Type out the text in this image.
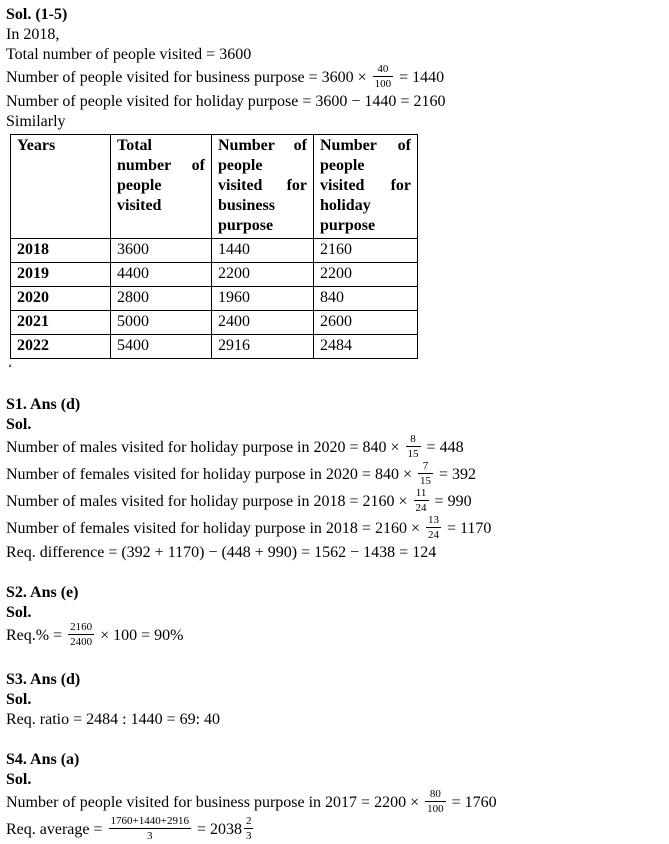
Sol. (1-5)
In 2018,
Total number of people visited = 3600
Number of people visited for business purpose = $3600 \times \frac{40}{100} = 1440$
Number of people visited for holiday purpose = 3600 − 1440 = 2160
Similarly
Years	Total number of people visited	Number of people visited for business purpose	Number of people visited for holiday purpose
2018	3600	1440	2160
2019	4400	2200	2200
2020	2800	1960	840
2021	5000	2400	2600
2022	5400	2916	2484
‘
S1. Ans (d)
Sol.
Number of males visited for holiday purpose in $2020 = 840 \times \frac{8}{15} = 448$
Number of females visited for holiday purpose in $2020 = 840 \times \frac{7}{15} = 392$
Number of males visited for holiday purpose in $2018 = 2160 \times \frac{11}{24} = 990$
Number of females visited for holiday purpose in $2018 = 2160 \times \frac{13}{24} = 1170$
Req. difference = (392 + 1170) − (448 + 990) = 1562 − 1438 = 124
S2. Ans (e)
Sol.
$Req.\% = \frac{2160}{2400} \times 100 = 90\%$
S3. Ans (d)
Sol.
Req. ratio = 2484 : 1440 = 69: 40
S4. Ans (a)
Sol.
Number of people visited for business purpose in $2017 = 2200 \times \frac{80}{100} = 1760$
Req. average = $\frac{1760+1440+2916}{3} = 2038 \frac{2}{3}$
